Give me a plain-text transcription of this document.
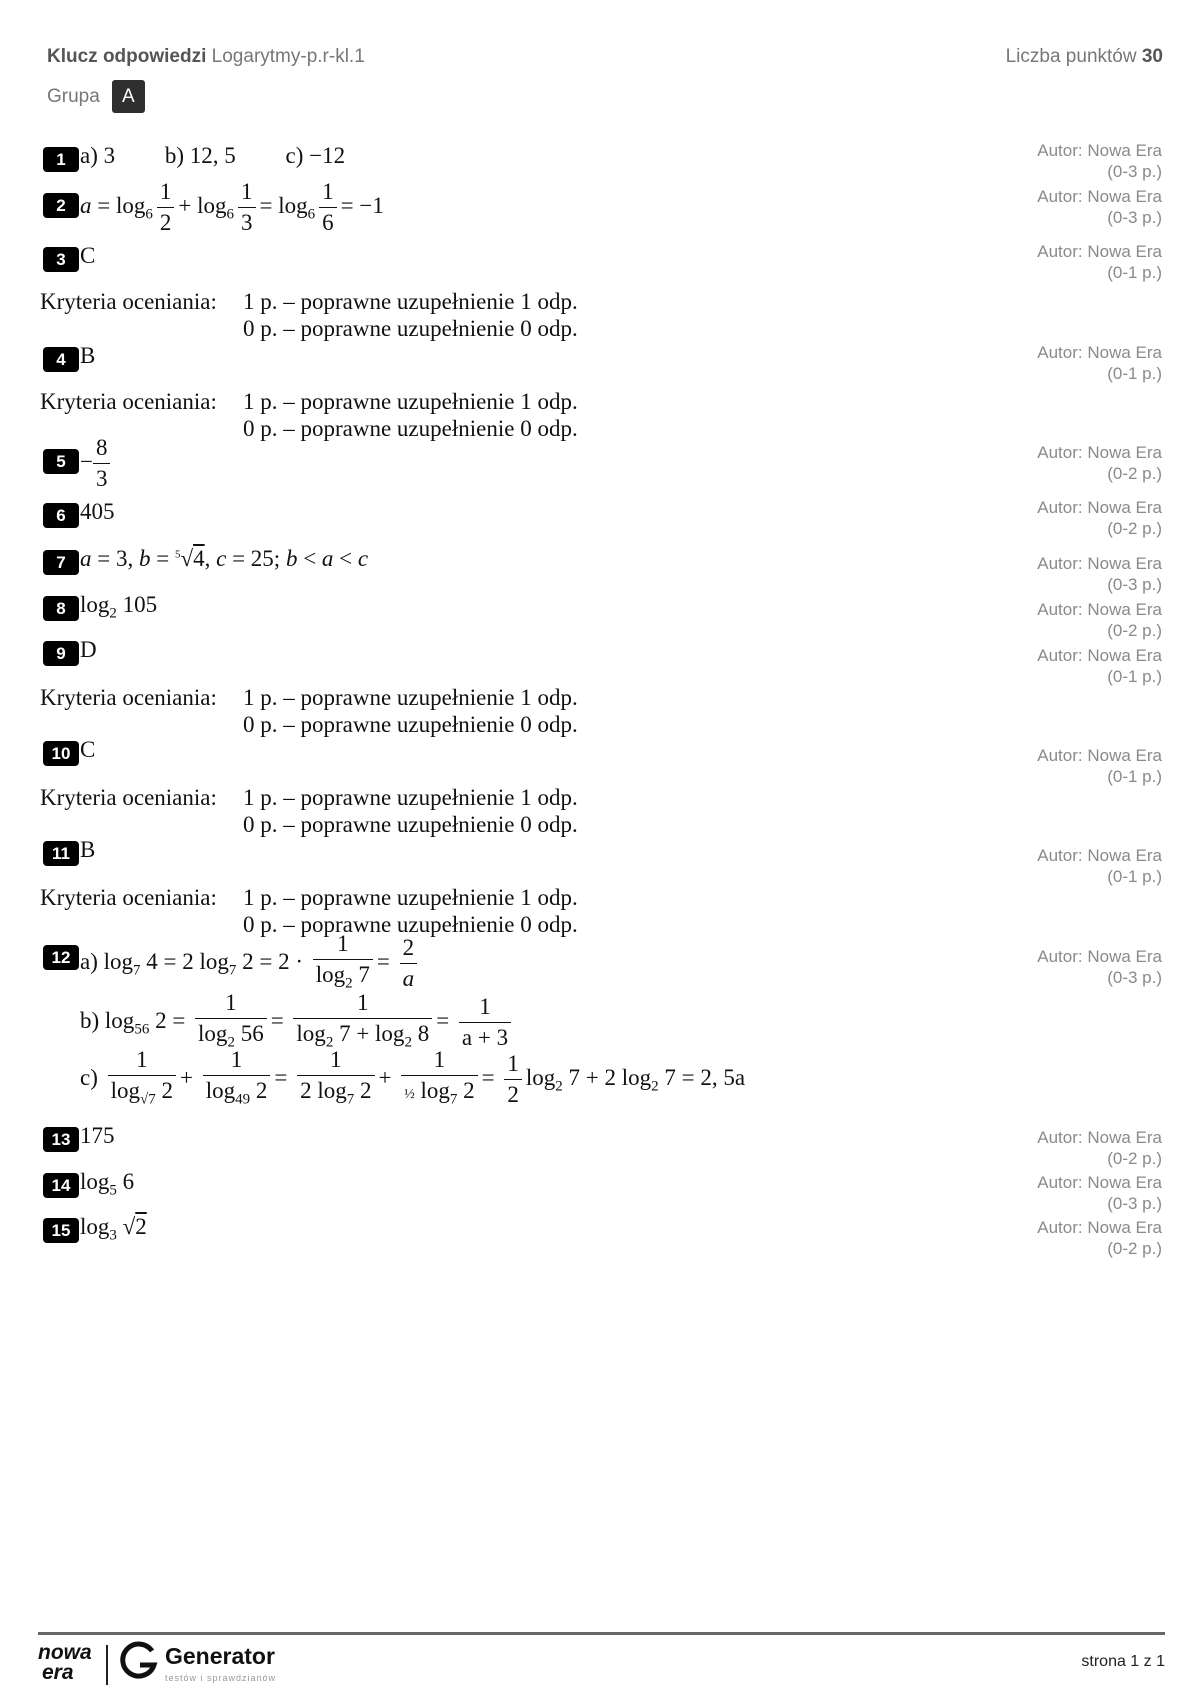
Klucz odpowiedzi Logarytmy-p.r-kl.1	Liczba punktów 30
Grupa	A
1 a) 3 b) 12, 5 c) −12	Autor: Nowa Era
(0-3 p.)
2 $a = \log_6 \frac{1}{2} + \log_6 \frac{1}{3} = \log_6 \frac{1}{6} = -1$	Autor: Nowa Era
(0-3 p.)
3 C	Autor: Nowa Era
(0-1 p.)
Kryteria oceniania: 1 p. – poprawne uzupełnienie 1 odp.
0 p. – poprawne uzupełnienie 0 odp.
4 B	Autor: Nowa Era
(0-1 p.)
Kryteria oceniania: 1 p. – poprawne uzupełnienie 1 odp.
0 p. – poprawne uzupełnienie 0 odp.
$5 - \frac{8}{3}$	Autor: Nowa Era
(0-2 p.)
6 405	Autor: Nowa Era
(0-2 p.)
7 a = 3, b = $^5$√4, c = 25; b < a < c	Autor: Nowa Era
(0-3 p.)
8 $\log_2 105$	Autor: Nowa Era
(0-2 p.)
9 D	Autor: Nowa Era
(0-1 p.)
Kryteria oceniania: 1 p. – poprawne uzupełnienie 1 odp.
0 p. – poprawne uzupełnienie 0 odp.
10 C	Autor: Nowa Era
(0-1 p.)
Kryteria oceniania: 1 p. – poprawne uzupełnienie 1 odp.
0 p. – poprawne uzupełnienie 0 odp.
11 B	Autor: Nowa Era
(0-1 p.)
Kryteria oceniania: 1 p. – poprawne uzupełnienie 1 odp.
0 p. – poprawne uzupełnienie 0 odp.
12 a) $\log_7 4 = 2$ $\log_7 2 = 2 \cdot \frac{1}{\log_2 7} = \frac{2}{a}$	Autor: Nowa Era
(0-3 p.)
b) $\log_{56} 2 = \frac{1}{\log_2 56} = \frac{1}{\log_2 7 + \log_2 8} = \frac{1}{a + 3}$
$c) \frac{1}{\log_{√7} 2} + \frac{1}{\log_{49} 2} = \frac{1}{2 \log_7 2} + \frac{1}{\frac{1}{2} \log_7 2} = \frac{1}{2} \log_2 7 + 2$ $\log_2 7 = 2$, 5a
13 175	Autor: Nowa Era
(0-2 p.)
14 $\log_5 6$	Autor: Nowa Era
(0-3 p.)
15 $\log_3 √2$	Autor: Nowa Era
(0-2 p.)
nowa
era
Generator
testów i sprawdzianów
strona 1 z 1
